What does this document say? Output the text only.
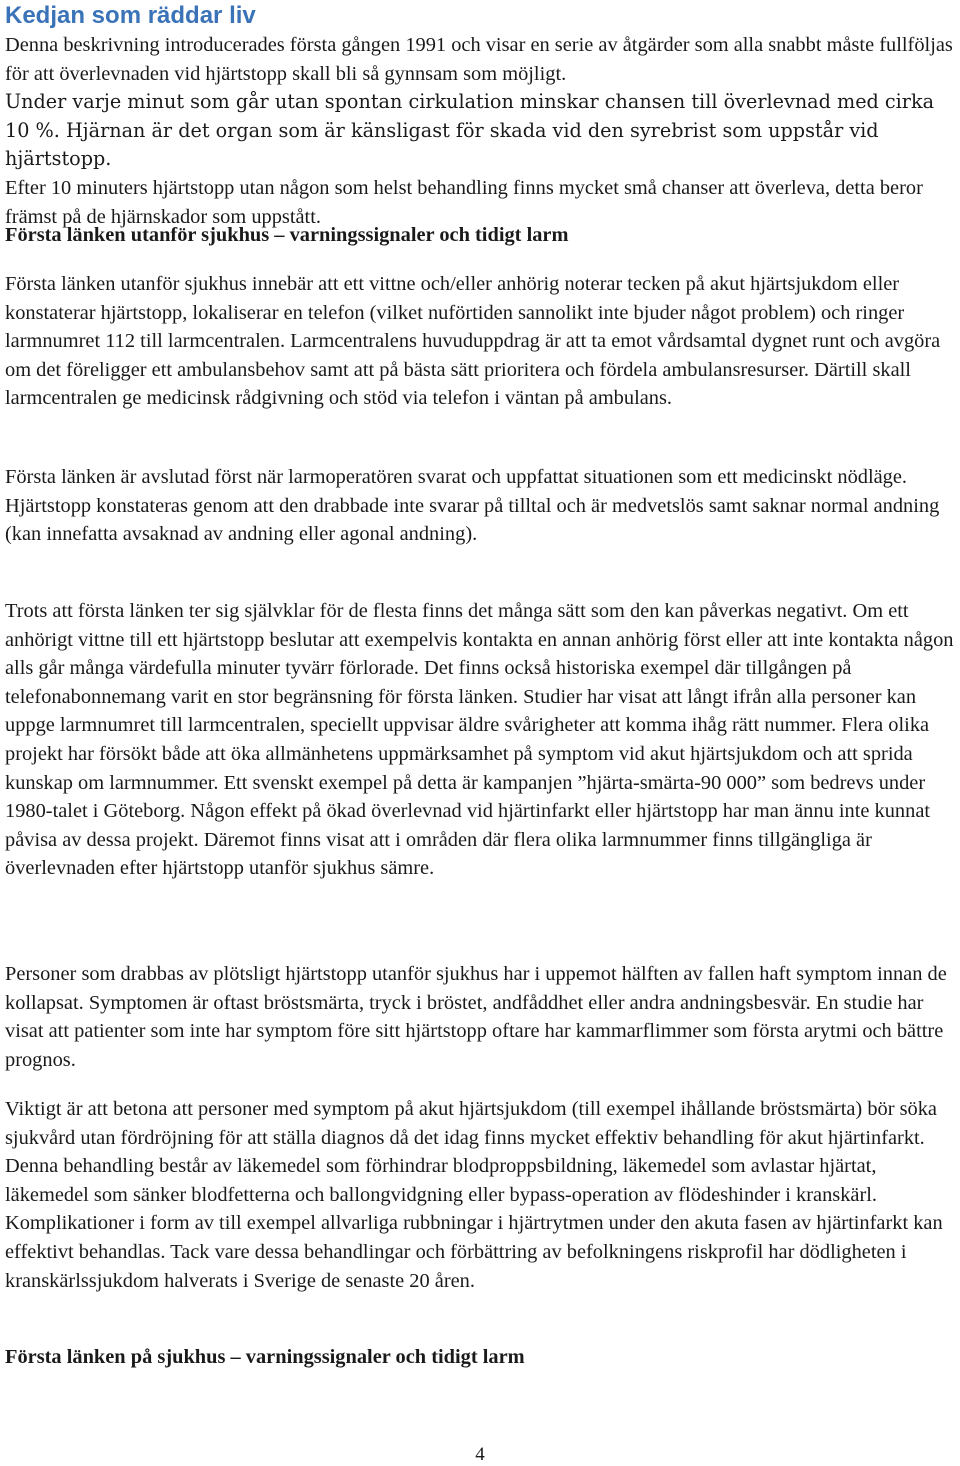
Kedjan som räddar liv

Denna beskrivning introducerades första gången 1991 och visar en serie av åtgärder som alla snabbt måste fullföljas för att överlevnaden vid hjärtstopp skall bli så gynnsam som möjligt.

Under varje minut som går utan spontan cirkulation minskar chansen till överlevnad med cirka 10 %. Hjärnan är det organ som är känsligast för skada vid den syrebrist som uppstår vid hjärtstopp.

Efter 10 minuters hjärtstopp utan någon som helst behandling finns mycket små chanser att överleva, detta beror främst på de hjärnskador som uppstått.

Första länken utanför sjukhus – varningssignaler och tidigt larm

Första länken utanför sjukhus innebär att ett vittne och/eller anhörig noterar tecken på akut hjärtsjukdom eller konstaterar hjärtstopp, lokaliserar en telefon (vilket nuförtiden sannolikt inte bjuder något problem) och ringer larmnumret 112 till larmcentralen. Larmcentralens huvuduppdrag är att ta emot vårdsamtal dygnet runt och avgöra om det föreligger ett ambulansbehov samt att på bästa sätt prioritera och fördela ambulansresurser. Därtill skall larmcentralen ge medicinsk rådgivning och stöd via telefon i väntan på ambulans.

Första länken är avslutad först när larmoperatören svarat och uppfattat situationen som ett medicinskt nödläge. Hjärtstopp konstateras genom att den drabbade inte svarar på tilltal och är medvetslös samt saknar normal andning (kan innefatta avsaknad av andning eller agonal andning).

Trots att första länken ter sig självklar för de flesta finns det många sätt som den kan påverkas negativt. Om ett anhörigt vittne till ett hjärtstopp beslutar att exempelvis kontakta en annan anhörig först eller att inte kontakta någon alls går många värdefulla minuter tyvärr förlorade. Det finns också historiska exempel där tillgången på telefonabonnemang varit en stor begränsning för första länken. Studier har visat att långt ifrån alla personer kan uppge larmnumret till larmcentralen, speciellt uppvisar äldre svårigheter att komma ihåg rätt nummer. Flera olika projekt har försökt både att öka allmänhetens uppmärksamhet på symptom vid akut hjärtsjukdom och att sprida kunskap om larmnummer. Ett svenskt exempel på detta är kampanjen ”hjärta-smärta-90 000” som bedrevs under 1980-talet i Göteborg. Någon effekt på ökad överlevnad vid hjärtinfarkt eller hjärtstopp har man ännu inte kunnat påvisa av dessa projekt. Däremot finns visat att i områden där flera olika larmnummer finns tillgängliga är överlevnaden efter hjärtstopp utanför sjukhus sämre.

Personer som drabbas av plötsligt hjärtstopp utanför sjukhus har i uppemot hälften av fallen haft symptom innan de kollapsat. Symptomen är oftast bröstsmärta, tryck i bröstet, andfåddhet eller andra andningsbesvär. En studie har visat att patienter som inte har symptom före sitt hjärtstopp oftare har kammarflimmer som första arytmi och bättre prognos.

Viktigt är att betona att personer med symptom på akut hjärtsjukdom (till exempel ihållande bröstsmärta) bör söka sjukvård utan fördröjning för att ställa diagnos då det idag finns mycket effektiv behandling för akut hjärtinfarkt. Denna behandling består av läkemedel som förhindrar blodproppsbildning, läkemedel som avlastar hjärtat, läkemedel som sänker blodfetterna och ballongvidgning eller bypass-operation av flödeshinder i kranskärl. Komplikationer i form av till exempel allvarliga rubbningar i hjärtrytmen under den akuta fasen av hjärtinfarkt kan effektivt behandlas. Tack vare dessa behandlingar och förbättring av befolkningens riskprofil har dödligheten i kranskärlssjukdom halverats i Sverige de senaste 20 åren.

Första länken på sjukhus – varningssignaler och tidigt larm

4
